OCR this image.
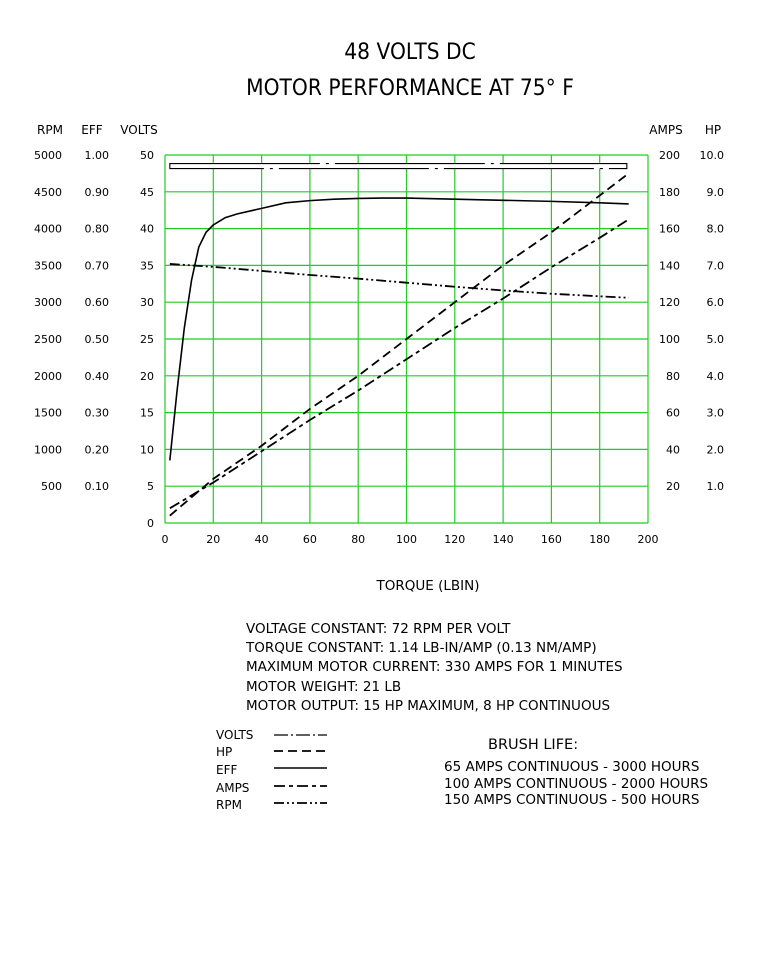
48 VOLTS DC
MOTOR PERFORMANCE AT 75° F
RPM
500
1000
1500
2000
2500
3000
3500
4000
4500
5000
EFF
0.10
0.20
0.30
0.40
0.50
0.60
0.70
0.80
0.90
1.00
VOLTS
0
5
10
15
20
25
30
35
40
45
50
AMPS
20
40
60
80
100
120
140
160
180
200
HP
1.0
2.0
3.0
4.0
5.0
6.0
7.0
8.0
9.0
10.0
0	20	40	60	80	100 120 140 160 180 200
TORQUE (LBIN)
VOLTAGE CONSTANT: 72 RPM PER VOLT
TORQUE CONSTANT: 1.14 LB-IN/AMP (0.13 NM/AMP)
MAXIMUM MOTOR CURRENT: 330 AMPS FOR 1 MINUTES
MOTOR WEIGHT: 21 LB
MOTOR OUTPUT: 15 HP MAXIMUM, 8 HP CONTINUOUS
VOLTS
HP
EFF
AMPS
RPM
BRUSH LIFE:
65 AMPS CONTINUOUS - 3000 HOURS
100 AMPS CONTINUOUS - 2000 HOURS
150 AMPS CONTINUOUS - 500 HOURS
